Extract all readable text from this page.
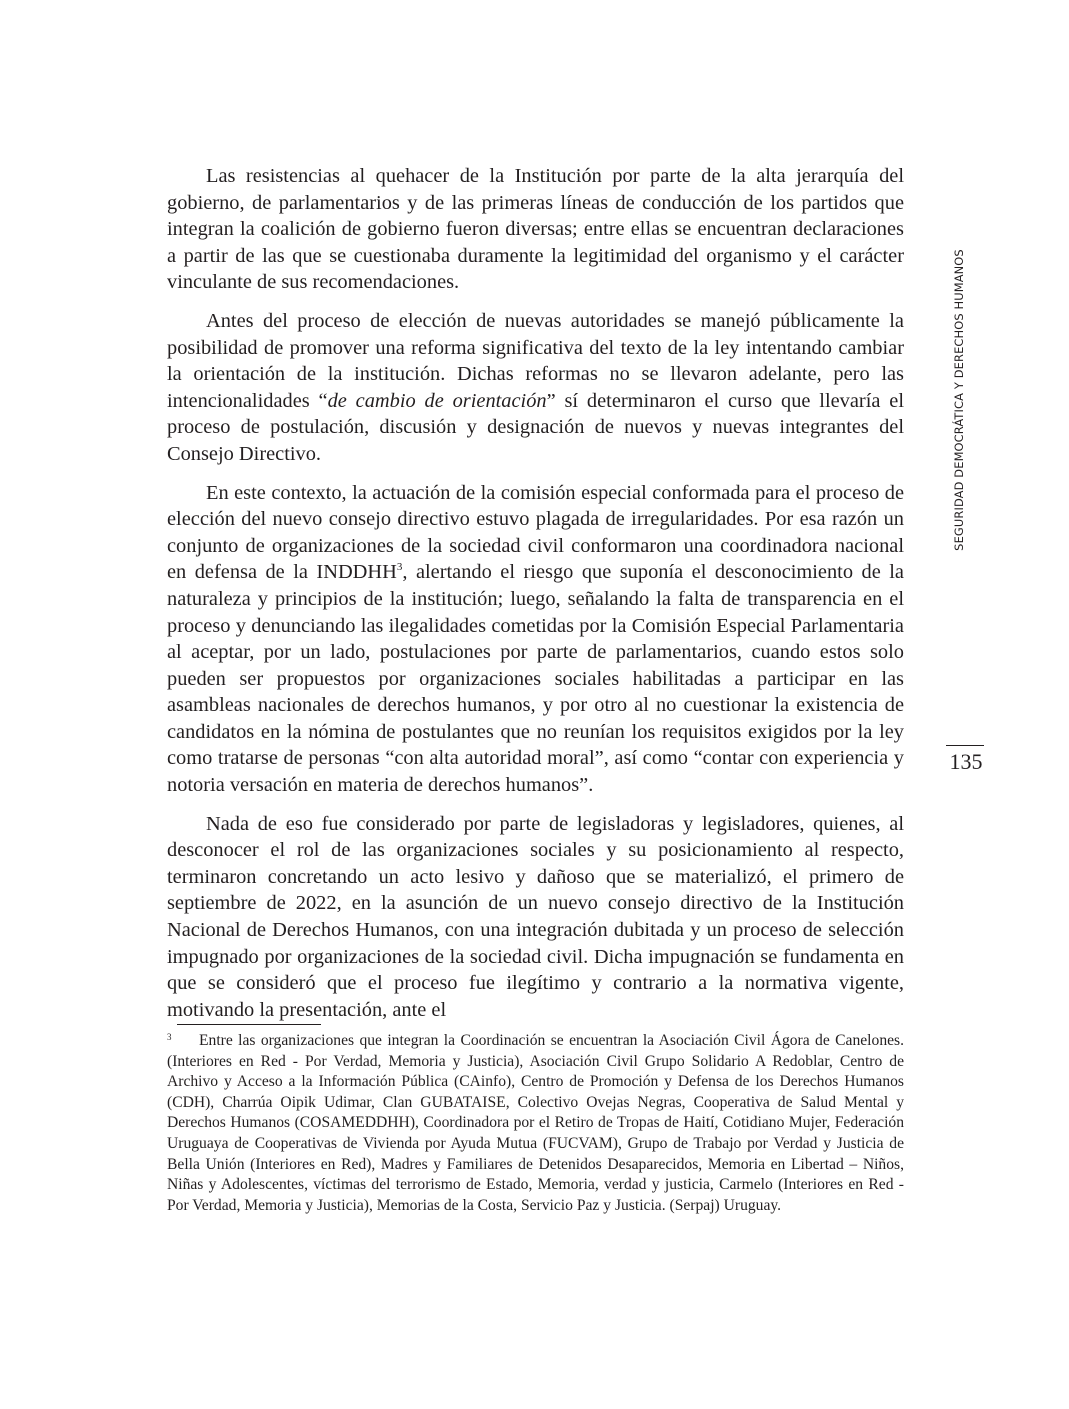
Las resistencias al quehacer de la Institución por parte de la alta jerarquía del gobierno, de parlamentarios y de las primeras líneas de conducción de los partidos que integran la coalición de gobierno fueron diversas; entre ellas se encuentran declaraciones a partir de las que se cuestionaba duramente la legitimidad del organismo y el carácter vinculante de sus recomendaciones.

Antes del proceso de elección de nuevas autoridades se manejó públicamente la posibilidad de promover una reforma significativa del texto de la ley intentando cambiar la orientación de la institución. Dichas reformas no se llevaron adelante, pero las intencionalidades “de cambio de orientación” sí determinaron el curso que llevaría el proceso de postulación, discusión y designación de nuevos y nuevas integrantes del Consejo Directivo.

En este contexto, la actuación de la comisión especial conformada para el proceso de elección del nuevo consejo directivo estuvo plagada de irregularidades. Por esa razón un conjunto de organizaciones de la sociedad civil conformaron una coordinadora nacional en defensa de la INDDHH$^3$, alertando el riesgo que suponía el desconocimiento de la naturaleza y principios de la institución; luego, señalando la falta de transparencia en el proceso y denunciando las ilegalidades cometidas por la Comisión Especial Parlamentaria al aceptar, por un lado, postulaciones por parte de parlamentarios, cuando estos solo pueden ser propuestos por organizaciones sociales habilitadas a participar en las asambleas nacionales de derechos humanos, y por otro al no cuestionar la existencia de candidatos en la nómina de postulantes que no reunían los requisitos exigidos por la ley como tratarse de personas “con alta autoridad moral”, así como “contar con experiencia y notoria versación en materia de derechos humanos”.

Nada de eso fue considerado por parte de legisladoras y legisladores, quienes, al desconocer el rol de las organizaciones sociales y su posicionamiento al respecto, terminaron concretando un acto lesivo y dañoso que se materializó, el primero de septiembre de 2022, en la asunción de un nuevo consejo directivo de la Institución Nacional de Derechos Humanos, con una integración dubitada y un proceso de selección impugnado por organizaciones de la sociedad civil. Dicha impugnación se fundamenta en que se consideró que el proceso fue ilegítimo y contrario a la normativa vigente, motivando la presentación, ante el

SEGURIDAD DEMOCRÁTICA Y DERECHOS HUMANOS
135
3	Entre las organizaciones que integran la Coordinación se encuentran la Asociación Civil Ágora de Canelones. (Interiores en Red - Por Verdad, Memoria y Justicia), Asociación Civil Grupo Solidario A Redoblar, Centro de Archivo y Acceso a la Información Pública (CAinfo), Centro de Promoción y Defensa de los Derechos Humanos (CDH), Charrúa Oipik Udimar, Clan GUBATAISE, Colectivo Ovejas Negras, Cooperativa de Salud Mental y Derechos Humanos (COSAMEDDHH), Coordinadora por el Retiro de Tropas de Haití, Cotidiano Mujer, Federación Uruguaya de Cooperativas de Vivienda por Ayuda Mutua (FUCVAM), Grupo de Trabajo por Verdad y Justicia de Bella Unión (Interiores en Red), Madres y Familiares de Detenidos Desaparecidos, Memoria en Libertad – Niños, Niñas y Adolescentes, víctimas del terrorismo de Estado, Memoria, verdad y justicia, Carmelo (Interiores en Red - Por Verdad, Memoria y Justicia), Memorias de la Costa, Servicio Paz y Justicia. (Serpaj) Uruguay.
